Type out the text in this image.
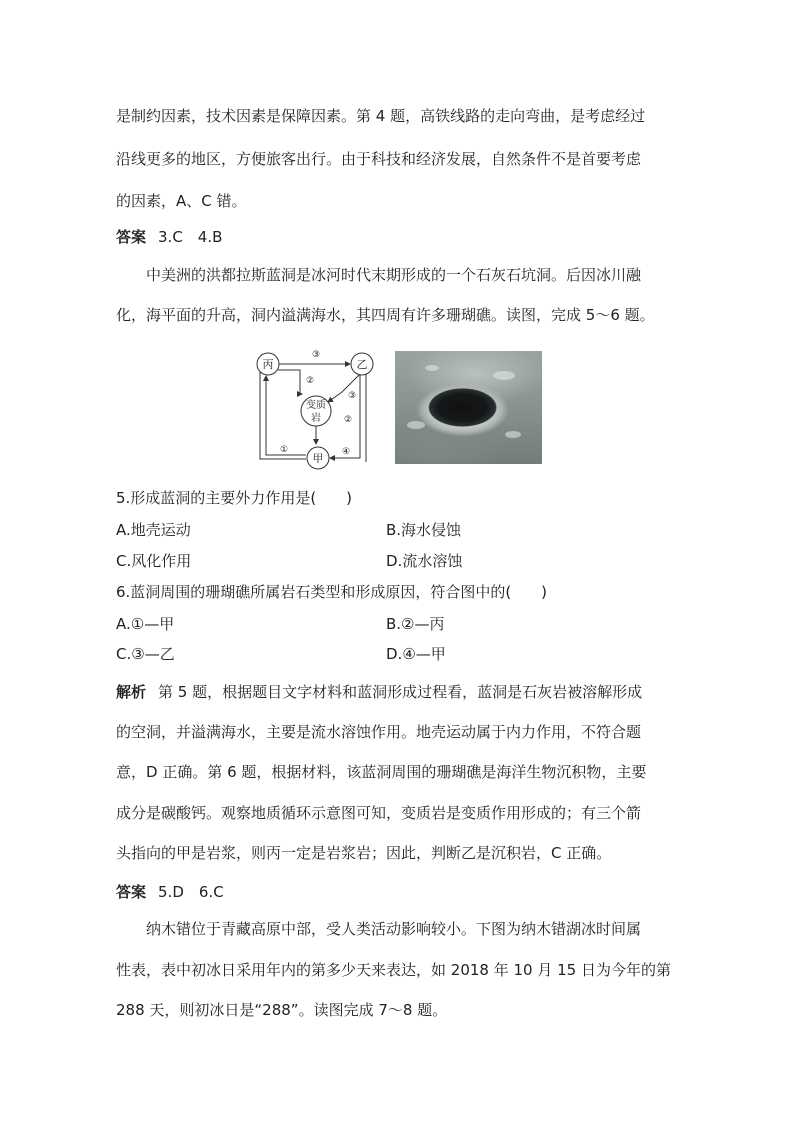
是制约因素，技术因素是保障因素。第 4 题，高铁线路的走向弯曲，是考虑经过
沿线更多的地区，方便旅客出行。由于科技和经济发展，自然条件不是首要考虑
的因素，A、C 错。
答案 3.C　4.B
中美洲的洪都拉斯蓝洞是冰河时代末期形成的一个石灰石坑洞。后因冰川融
化，海平面的升高，洞内溢满海水，其四周有许多珊瑚礁。读图，完成 5～6 题。
丙	乙
变质
岩
甲
③
②
③
②
④
①
5.形成蓝洞的主要外力作用是(　　)
A.地壳运动	B.海水侵蚀
C.风化作用	D.流水溶蚀
6.蓝洞周围的珊瑚礁所属岩石类型和形成原因，符合图中的(　　)
A.①—甲	B.②—丙
C.③—乙	D.④—甲
解析 第 5 题，根据题目文字材料和蓝洞形成过程看，蓝洞是石灰岩被溶解形成
的空洞，并溢满海水，主要是流水溶蚀作用。地壳运动属于内力作用，不符合题
意，D 正确。第 6 题，根据材料，该蓝洞周围的珊瑚礁是海洋生物沉积物，主要
成分是碳酸钙。观察地质循环示意图可知，变质岩是变质作用形成的；有三个箭
头指向的甲是岩浆，则丙一定是岩浆岩；因此，判断乙是沉积岩，C 正确。
答案 5.D　6.C
纳木错位于青藏高原中部，受人类活动影响较小。下图为纳木错湖冰时间属
性表，表中初冰日采用年内的第多少天来表达，如 2018 年 10 月 15 日为今年的第
288 天，则初冰日是“288”。读图完成 7～8 题。
